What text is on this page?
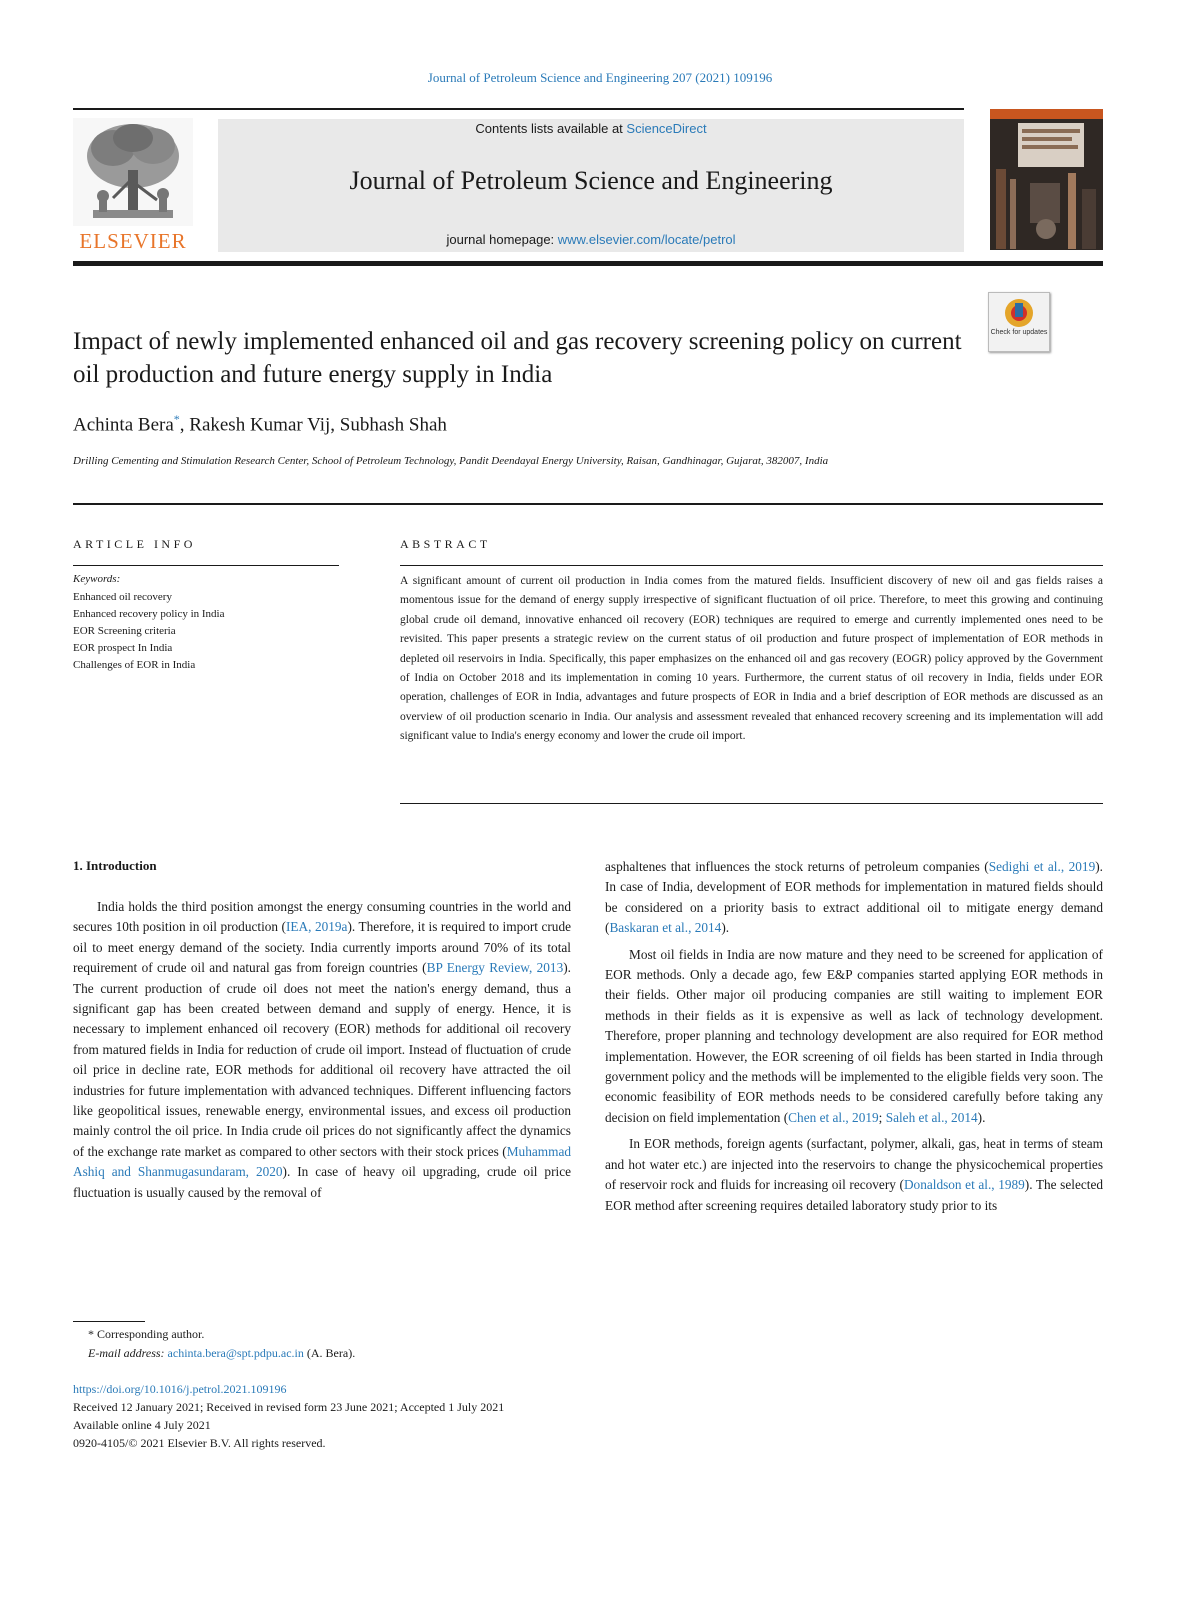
Journal of Petroleum Science and Engineering 207 (2021) 109196
ELSEVIER
Contents lists available at ScienceDirect
Journal of Petroleum Science and Engineering
journal homepage: www.elsevier.com/locate/petrol
Check for updates
Impact of newly implemented enhanced oil and gas recovery screening policy on current oil production and future energy supply in India
Achinta Bera*, Rakesh Kumar Vij, Subhash Shah
Drilling Cementing and Stimulation Research Center, School of Petroleum Technology, Pandit Deendayal Energy University, Raisan, Gandhinagar, Gujarat, 382007, India
ARTICLE INFO	ABSTRACT
Keywords:
Enhanced oil recovery
Enhanced recovery policy in India
EOR Screening criteria
EOR prospect In India
Challenges of EOR in India

A significant amount of current oil production in India comes from the matured fields. Insufficient discovery of new oil and gas fields raises a momentous issue for the demand of energy supply irrespective of significant fluctuation of oil price. Therefore, to meet this growing and continuing global crude oil demand, innovative enhanced oil recovery (EOR) techniques are required to emerge and currently implemented ones need to be revisited. This paper presents a strategic review on the current status of oil production and future prospect of implementation of EOR methods in depleted oil reservoirs in India. Specifically, this paper emphasizes on the enhanced oil and gas recovery (EOGR) policy approved by the Government of India on October 2018 and its implementation in coming 10 years. Furthermore, the current status of oil recovery in India, fields under EOR operation, challenges of EOR in India, advantages and future prospects of EOR in India and a brief description of EOR methods are discussed as an overview of oil production scenario in India. Our analysis and assessment revealed that enhanced recovery screening and its implementation will add significant value to India's energy economy and lower the crude oil import.

1. Introduction

India holds the third position amongst the energy consuming countries in the world and secures 10th position in oil production (IEA, 2019a). Therefore, it is required to import crude oil to meet energy demand of the society. India currently imports around 70% of its total requirement of crude oil and natural gas from foreign countries (BP Energy Review, 2013). The current production of crude oil does not meet the nation's energy demand, thus a significant gap has been created between demand and supply of energy. Hence, it is necessary to implement enhanced oil recovery (EOR) methods for additional oil recovery from matured fields in India for reduction of crude oil import. Instead of fluctuation of crude oil price in decline rate, EOR methods for additional oil recovery have attracted the oil industries for future implementation with advanced techniques. Different influencing factors like geopolitical issues, renewable energy, environmental issues, and excess oil production mainly control the oil price. In India crude oil prices do not significantly affect the dynamics of the exchange rate market as compared to other sectors with their stock prices (Muhammad Ashiq and Shanmugasundaram, 2020). In case of heavy oil upgrading, crude oil price fluctuation is usually caused by the removal of

asphaltenes that influences the stock returns of petroleum companies (Sedighi et al., 2019). In case of India, development of EOR methods for implementation in matured fields should be considered on a priority basis to extract additional oil to mitigate energy demand (Baskaran et al., 2014).

Most oil fields in India are now mature and they need to be screened for application of EOR methods. Only a decade ago, few E&P companies started applying EOR methods in their fields. Other major oil producing companies are still waiting to implement EOR methods in their fields as it is expensive as well as lack of technology development. Therefore, proper planning and technology development are also required for EOR method implementation. However, the EOR screening of oil fields has been started in India through government policy and the methods will be implemented to the eligible fields very soon. The economic feasibility of EOR methods needs to be considered carefully before taking any decision on field implementation (Chen et al., 2019; Saleh et al., 2014).

In EOR methods, foreign agents (surfactant, polymer, alkali, gas, heat in terms of steam and hot water etc.) are injected into the reservoirs to change the physicochemical properties of reservoir rock and fluids for increasing oil recovery (Donaldson et al., 1989). The selected EOR method after screening requires detailed laboratory study prior to its

* Corresponding author.
E-mail address: achinta.bera@spt.pdpu.ac.in (A. Bera).
https://doi.org/10.1016/j.petrol.2021.109196
Received 12 January 2021; Received in revised form 23 June 2021; Accepted 1 July 2021
Available online 4 July 2021
0920-4105/© 2021 Elsevier B.V. All rights reserved.
